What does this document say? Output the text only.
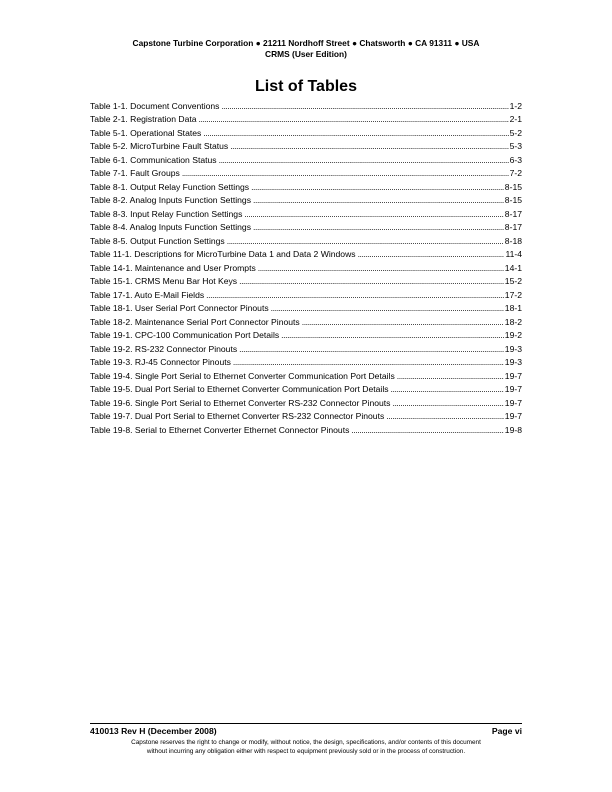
Capstone Turbine Corporation ● 21211 Nordhoff Street ● Chatsworth ● CA 91311 ● USA
CRMS (User Edition)
List of Tables
Table 1-1. Document Conventions . . .	1-2
Table 2-1. Registration Data . . .	2-1
Table 5-1. Operational States . . .	5-2
Table 5-2. MicroTurbine Fault Status . . .	5-3
Table 6-1. Communication Status . . .	6-3
Table 7-1. Fault Groups . . .	7-2
Table 8-1. Output Relay Function Settings . . .	8-15
Table 8-2. Analog Inputs Function Settings . . .	8-15
Table 8-3. Input Relay Function Settings . . .	8-17
Table 8-4. Analog Inputs Function Settings . . .	8-17
Table 8-5. Output Function Settings . . .	8-18
Table 11-1. Descriptions for MicroTurbine Data 1 and Data 2 Windows . . .	11-4
Table 14-1. Maintenance and User Prompts . . .	14-1
Table 15-1. CRMS Menu Bar Hot Keys . . .	15-2
Table 17-1. Auto E-Mail Fields . . .	17-2
Table 18-1. User Serial Port Connector Pinouts . . .	18-1
Table 18-2. Maintenance Serial Port Connector Pinouts . . .	18-2
Table 19-1. CPC-100 Communication Port Details . . .	19-2
Table 19-2. RS-232 Connector Pinouts . . .	19-3
Table 19-3. RJ-45 Connector Pinouts . . .	19-3
Table 19-4. Single Port Serial to Ethernet Converter Communication Port Details . . .	19-7
Table 19-5. Dual Port Serial to Ethernet Converter Communication Port Details . . .	19-7
Table 19-6. Single Port Serial to Ethernet Converter RS-232 Connector Pinouts . . .	19-7
Table 19-7. Dual Port Serial to Ethernet Converter RS-232 Connector Pinouts . . .	19-7
Table 19-8. Serial to Ethernet Converter Ethernet Connector Pinouts . . .	19-8
410013 Rev H (December 2008)	Page vi
Capstone reserves the right to change or modify, without notice, the design, specifications, and/or contents of this document
without incurring any obligation either with respect to equipment previously sold or in the process of construction.
